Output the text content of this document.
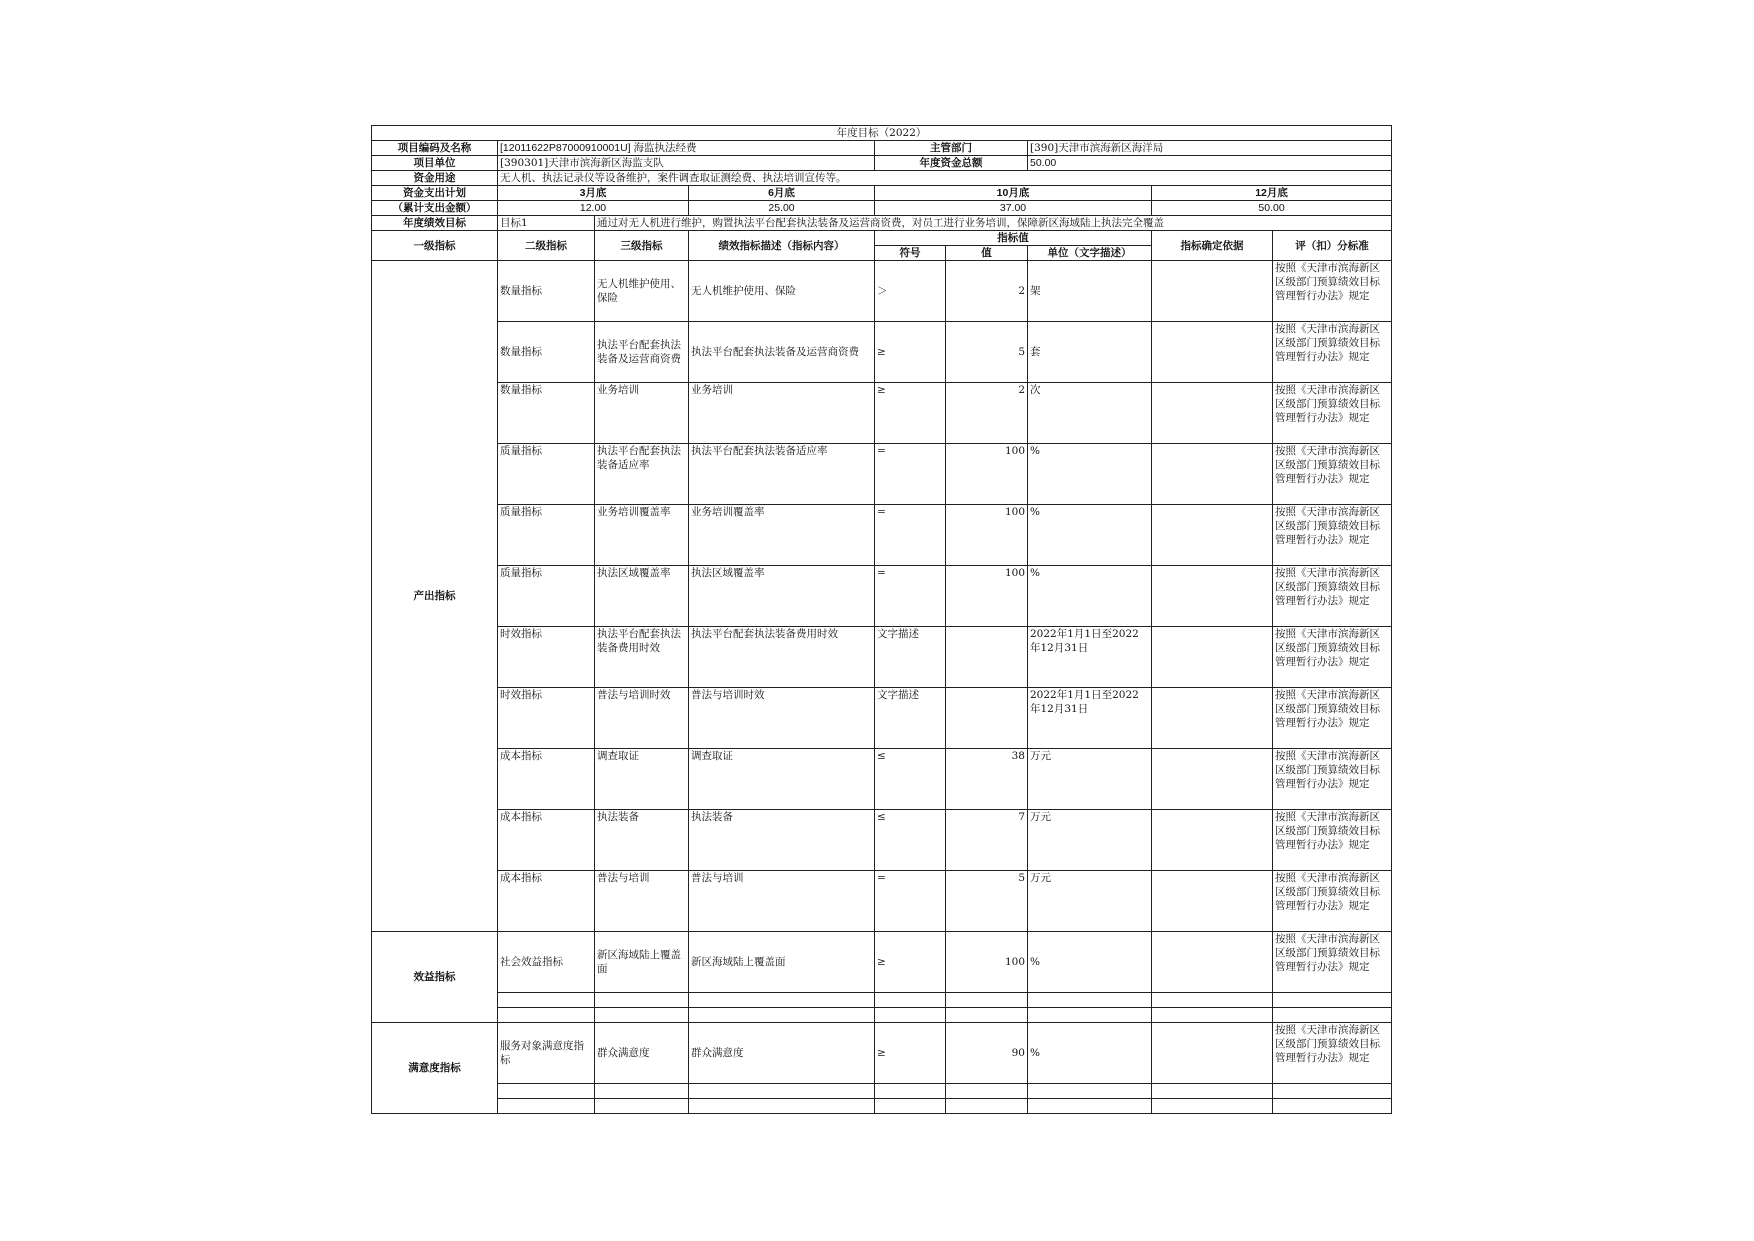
年度目标（2022）								
项目编码及名称	[12011622P87000910001U] 海监执法经费			主管部门		[390]天津市滨海新区海洋局		
项目单位	[390301]天津市滨海新区海监支队			年度资金总额		50.00		
资金用途	无人机、执法记录仪等设备维护，案件调查取证测绘费、执法培训宣传等。							
资金支出计划	3月底		6月底	10月底			12月底	
（累计支出金额）	12.00		25.00	37.00			50.00	
年度绩效目标	目标1	通过对无人机进行维护，购置执法平台配套执法装备及运营商资费，对员工进行业务培训，保障新区海域陆上执法完全覆盖						
一级指标	二级指标	三级指标	绩效指标描述（指标内容）	指标值			指标确定依据	评（扣）分标准
				符号	值	单位（文字描述）		
产出指标	数量指标	无人机维护使用、保险	无人机维护使用、保险	＞	2	架		按照《天津市滨海新区区级部门预算绩效目标管理暂行办法》规定
	数量指标	执法平台配套执法装备及运营商资费	执法平台配套执法装备及运营商资费	≥	5	套		按照《天津市滨海新区区级部门预算绩效目标管理暂行办法》规定
	数量指标	业务培训	业务培训	≥	2	次		按照《天津市滨海新区区级部门预算绩效目标管理暂行办法》规定
	质量指标	执法平台配套执法装备适应率	执法平台配套执法装备适应率	=	100	%		按照《天津市滨海新区区级部门预算绩效目标管理暂行办法》规定
	质量指标	业务培训覆盖率	业务培训覆盖率	=	100	%		按照《天津市滨海新区区级部门预算绩效目标管理暂行办法》规定
	质量指标	执法区域覆盖率	执法区域覆盖率	=	100	%		按照《天津市滨海新区区级部门预算绩效目标管理暂行办法》规定
	时效指标	执法平台配套执法装备费用时效	执法平台配套执法装备费用时效	文字描述		2022年1月1日至2022年12月31日		按照《天津市滨海新区区级部门预算绩效目标管理暂行办法》规定
	时效指标	普法与培训时效	普法与培训时效	文字描述		2022年1月1日至2022年12月31日		按照《天津市滨海新区区级部门预算绩效目标管理暂行办法》规定
	成本指标	调查取证	调查取证	≤	38	万元		按照《天津市滨海新区区级部门预算绩效目标管理暂行办法》规定
	成本指标	执法装备	执法装备	≤	7	万元		按照《天津市滨海新区区级部门预算绩效目标管理暂行办法》规定
	成本指标	普法与培训	普法与培训	=	5	万元		按照《天津市滨海新区区级部门预算绩效目标管理暂行办法》规定
效益指标	社会效益指标	新区海域陆上覆盖面	新区海域陆上覆盖面	≥	100	%		按照《天津市滨海新区区级部门预算绩效目标管理暂行办法》规定

满意度指标	服务对象满意度指标	群众满意度	群众满意度	≥	90	%		按照《天津市滨海新区区级部门预算绩效目标管理暂行办法》规定
